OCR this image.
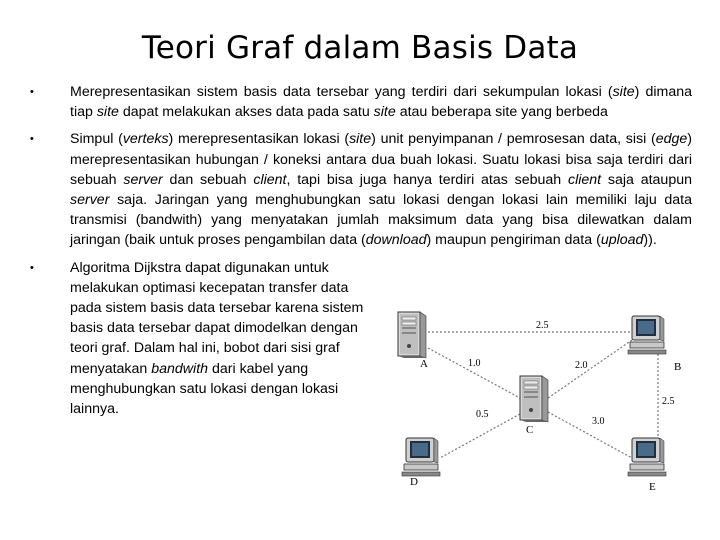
Teori Graf dalam Basis Data
•	Merepresentasikan sistem basis data tersebar yang terdiri dari sekumpulan lokasi (site) dimana tiap site dapat melakukan akses data pada satu site atau beberapa site yang berbeda
•	Simpul (verteks) merepresentasikan lokasi (site) unit penyimpanan / pemrosesan data, sisi (edge) merepresentasikan hubungan / koneksi antara dua buah lokasi. Suatu lokasi bisa saja terdiri dari sebuah server dan sebuah client, tapi bisa juga hanya terdiri atas sebuah client saja ataupun server saja. Jaringan yang menghubungkan satu lokasi dengan lokasi lain memiliki laju data transmisi (bandwith) yang menyatakan jumlah maksimum data yang bisa dilewatkan dalam jaringan (baik untuk proses pengambilan data (download) maupun pengiriman data (upload)).
•	Algoritma Dijkstra dapat digunakan untuk melakukan optimasi kecepatan transfer data pada sistem basis data tersebar karena sistem basis data tersebar dapat dimodelkan dengan teori graf. Dalam hal ini, bobot dari sisi graf menyatakan bandwith dari kabel yang menghubungkan satu lokasi dengan lokasi lainnya.
A	B
C
D	E
2.5
1.0	2.0
2.5
0.5
3.0
